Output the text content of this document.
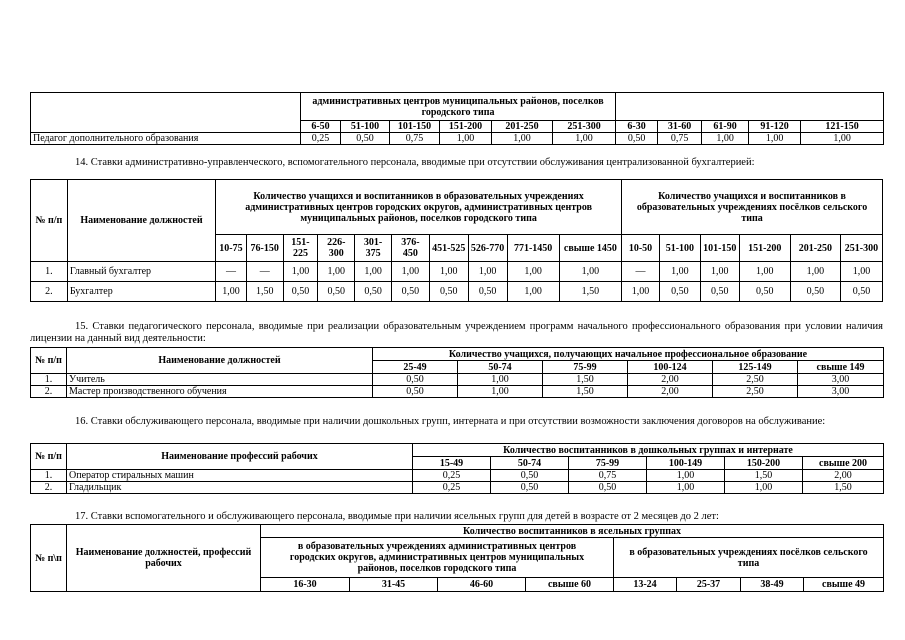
	административных центров муниципальных районов, поселков городского типа										
	6-50	51-100	101-150	151-200	201-250	251-300	6-30	31-60	61-90	91-120	121-150
Педагог дополнительного образования	0,25	0,50	0,75	1,00	1,00	1,00	0,50	0,75	1,00	1,00	1,00
14. Ставки административно-управленческого, вспомогательного персонала, вводимые при отсутствии обслуживания централизованной бухгалтерией:
№ п/п	Наименование должностей	Количество учащихся и воспитанников в образовательных учреждениях административных центров городских округов, административных центров муниципальных районов, поселков городского типа										Количество учащихся и воспитанников в образовательных учреждениях посёлков сельского типа					
		10-75	76-150	151-225	226-300	301-375	376-450	451-525	526-770	771-1450	свыше 1450	10-50	51-100	101-150	151-200	201-250	251-300
1.	Главный бухгалтер	—	—	1,00	1,00	1,00	1,00	1,00	1,00	1,00	1,00	—	1,00	1,00	1,00	1,00	1,00
2.	Бухгалтер	1,00	1,50	0,50	0,50	0,50	0,50	0,50	0,50	1,00	1,50	1,00	0,50	0,50	0,50	0,50	0,50
15. Ставки педагогического персонала, вводимые при реализации образовательным учреждением программ начального профессионального образования при условии наличия лицензии на данный вид деятельности:
№ п/п	Наименование должностей	Количество учащихся, получающих начальное профессиональное образование					
		25-49	50-74	75-99	100-124	125-149	свыше 149
1.	Учитель	0,50	1,00	1,50	2,00	2,50	3,00
2.	Мастер производственного обучения	0,50	1,00	1,50	2,00	2,50	3,00
16. Ставки обслуживающего персонала, вводимые при наличии дошкольных групп, интерната и при отсутствии возможности заключения договоров на обслуживание:
№ п/п	Наименование профессий рабочих	Количество воспитанников в дошкольных группах и интернате					
		15-49	50-74	75-99	100-149	150-200	свыше 200
1.	Оператор стиральных машин	0,25	0,50	0,75	1,00	1,50	2,00
2.	Гладильщик	0,25	0,50	0,50	1,00	1,00	1,50
17. Ставки вспомогательного и обслуживающего персонала, вводимые при наличии ясельных групп для детей в возрасте от 2 месяцев до 2 лет:
№ п\п	Наименование должностей, профессий рабочих	Количество воспитанников в ясельных группах							
		в образовательных учреждениях административных центров городских округов, административных центров муниципальных районов, поселков городского типа				в образовательных учреждениях посёлков сельского типа			
		16-30	31-45	46-60	свыше 60	13-24	25-37	38-49	свыше 49
